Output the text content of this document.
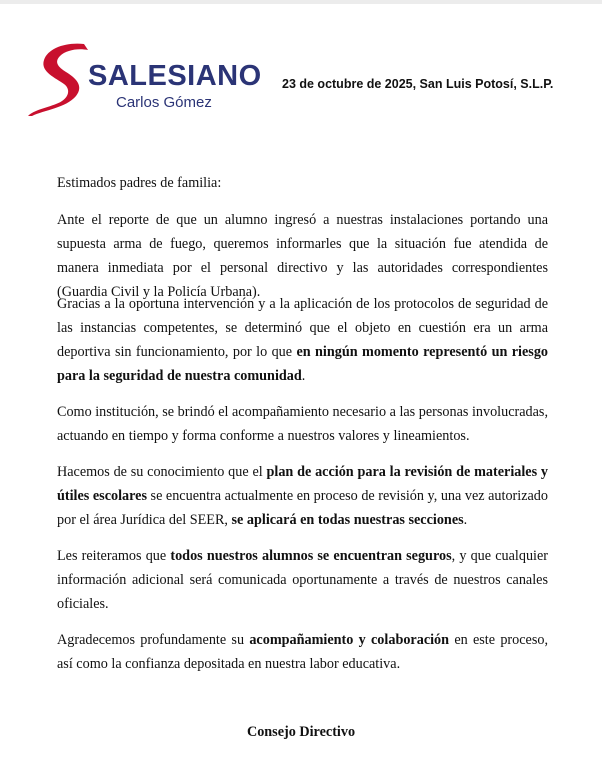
SALESIANO
Carlos Gómez
23 de octubre de 2025, San Luis Potosí, S.L.P.

Estimados padres de familia:

Ante el reporte de que un alumno ingresó a nuestras instalaciones portando una supuesta arma de fuego, queremos informarles que la situación fue atendida de manera inmediata por el personal directivo y las autoridades correspondientes (Guardia Civil y la Policía Urbana).

Gracias a la oportuna intervención y a la aplicación de los protocolos de seguridad de las instancias competentes, se determinó que el objeto en cuestión era un arma deportiva sin funcionamiento, por lo que en ningún momento representó un riesgo para la seguridad de nuestra comunidad.

Como institución, se brindó el acompañamiento necesario a las personas involucradas, actuando en tiempo y forma conforme a nuestros valores y lineamientos.

Hacemos de su conocimiento que el plan de acción para la revisión de materiales y útiles escolares se encuentra actualmente en proceso de revisión y, una vez autorizado por el área Jurídica del SEER, se aplicará en todas nuestras secciones.

Les reiteramos que todos nuestros alumnos se encuentran seguros, y que cualquier información adicional será comunicada oportunamente a través de nuestros canales oficiales.

Agradecemos profundamente su acompañamiento y colaboración en este proceso, así como la confianza depositada en nuestra labor educativa.

Consejo Directivo
